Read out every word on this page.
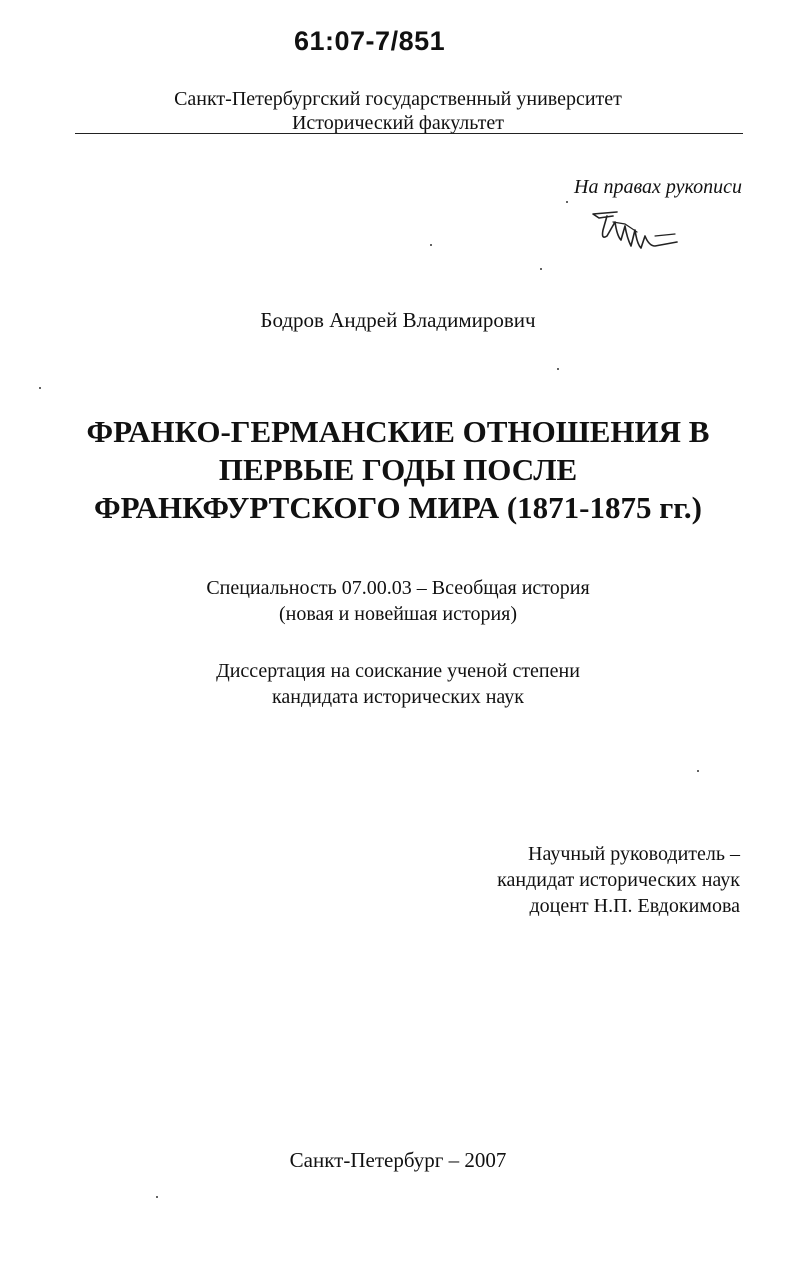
61:07-7/851
Санкт-Петербургский государственный университет
Исторический факультет
На правах рукописи
Бодров Андрей Владимирович
ФРАНКО-ГЕРМАНСКИЕ ОТНОШЕНИЯ В
ПЕРВЫЕ ГОДЫ ПОСЛЕ
ФРАНКФУРТСКОГО МИРА (1871-1875 гг.)
Специальность 07.00.03 – Всеобщая история
(новая и новейшая история)
Диссертация на соискание ученой степени
кандидата исторических наук
Научный руководитель –
кандидат исторических наук
доцент Н.П. Евдокимова
Санкт-Петербург – 2007
